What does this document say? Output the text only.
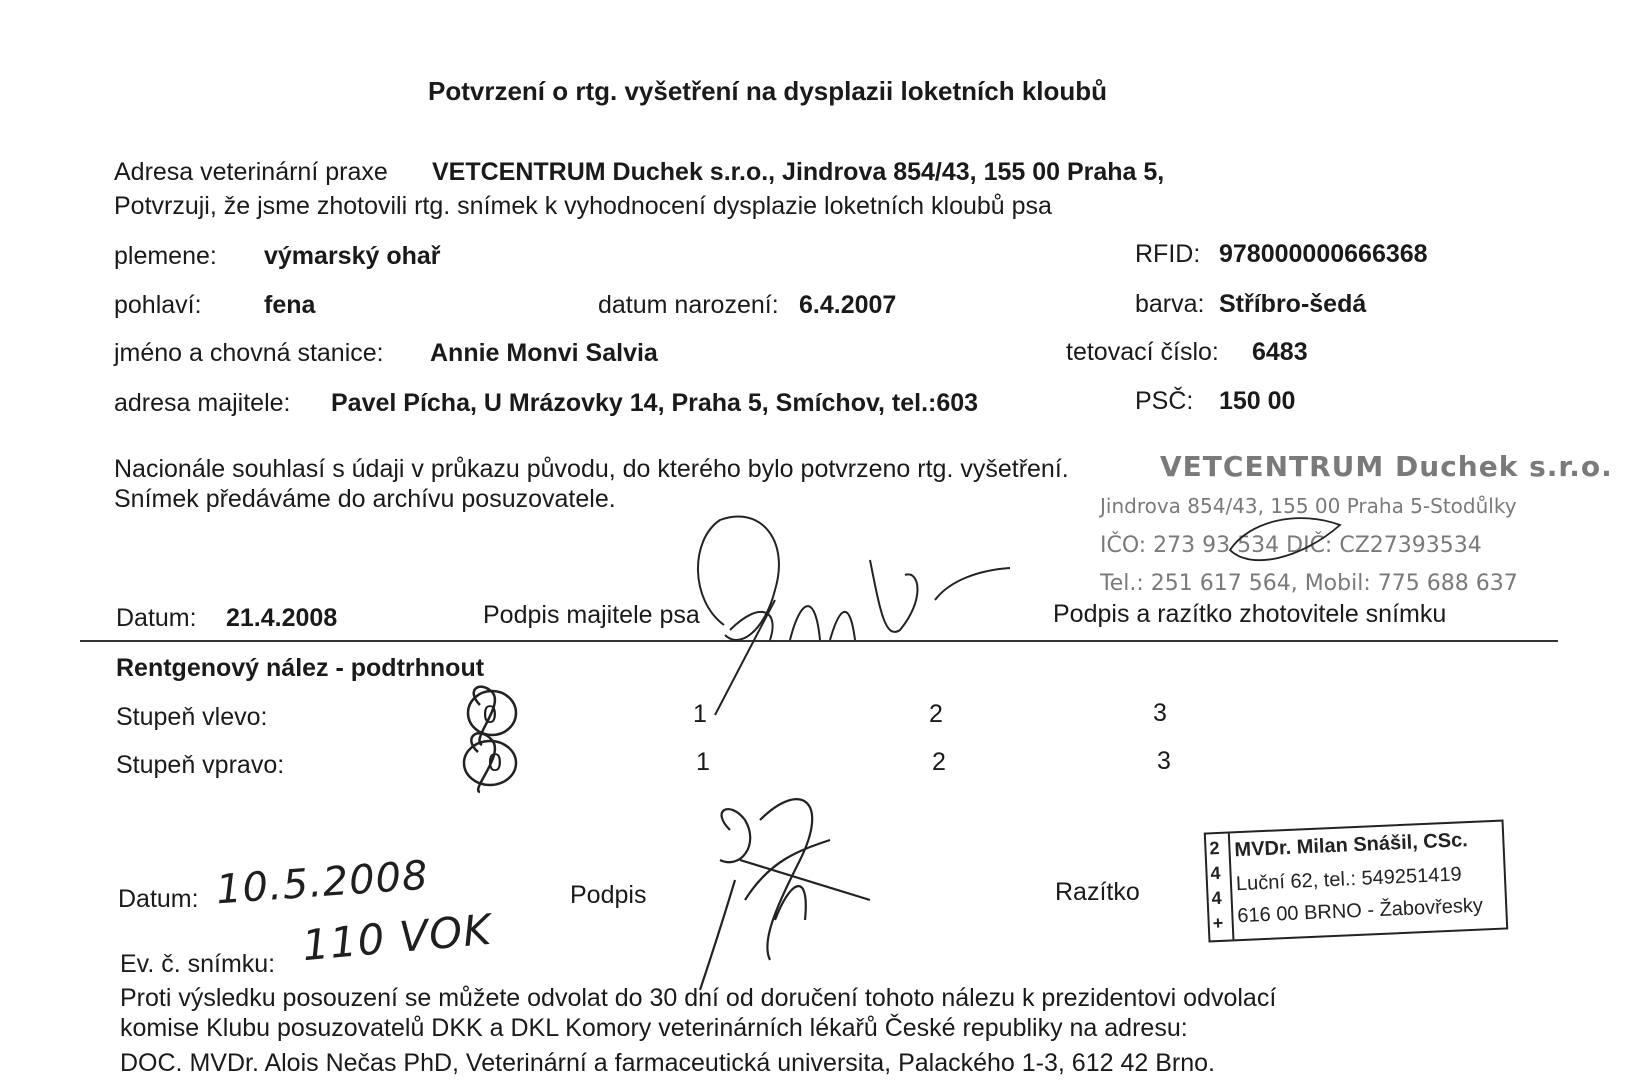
Potvrzení o rtg. vyšetření na dysplazii loketních kloubů
Adresa veterinární praxe VETCENTRUM Duchek s.r.o., Jindrova 854/43, 155 00 Praha 5,
Potvrzuji, že jsme zhotovili rtg. snímek k vyhodnocení dysplazie loketních kloubů psa
plemene: výmarský ohař	RFID: 978000000666368
pohlaví: fena	datum narození: 6.4.2007	barva: Stříbro-šedá
jméno a chovná stanice: Annie Monvi Salvia	tetovací číslo: 6483
adresa majitele: Pavel Pícha, U Mrázovky 14, Praha 5, Smíchov, tel.:603	PSČ: 150 00
Nacionále souhlasí s údaji v průkazu původu, do kterého bylo potvrzeno rtg. vyšetření.
Snímek předáváme do archívu posuzovatele.
VETCENTRUM Duchek s.r.o.
Jindrova 854/43, 155 00 Praha 5-Stodůlky
IČO: 273 93 534 DIČ: CZ27393534
Tel.: 251 617 564, Mobil: 775 688 637
Datum: 21.4.2008	Podpis majitele psa	Podpis a razítko zhotovitele snímku
Rentgenový nález - podtrhnout
Stupeň vlevo:	0	1	2	3
Stupeň vpravo:	0	1	2	3
Datum: 10.5.2008	Podpis	Razítko
Ev. č. snímku: 110 VOK
MVDr. Milan Snášil, CSc.
Luční 62, tel.: 549251419
616 00 BRNO - Žabovřesky
2
4
4
+
Proti výsledku posouzení se můžete odvolat do 30 dní od doručení tohoto nálezu k prezidentovi odvolací
komise Klubu posuzovatelů DKK a DKL Komory veterinárních lékařů České republiky na adresu:
DOC. MVDr. Alois Nečas PhD, Veterinární a farmaceutická universita, Palackého 1-3, 612 42 Brno.
